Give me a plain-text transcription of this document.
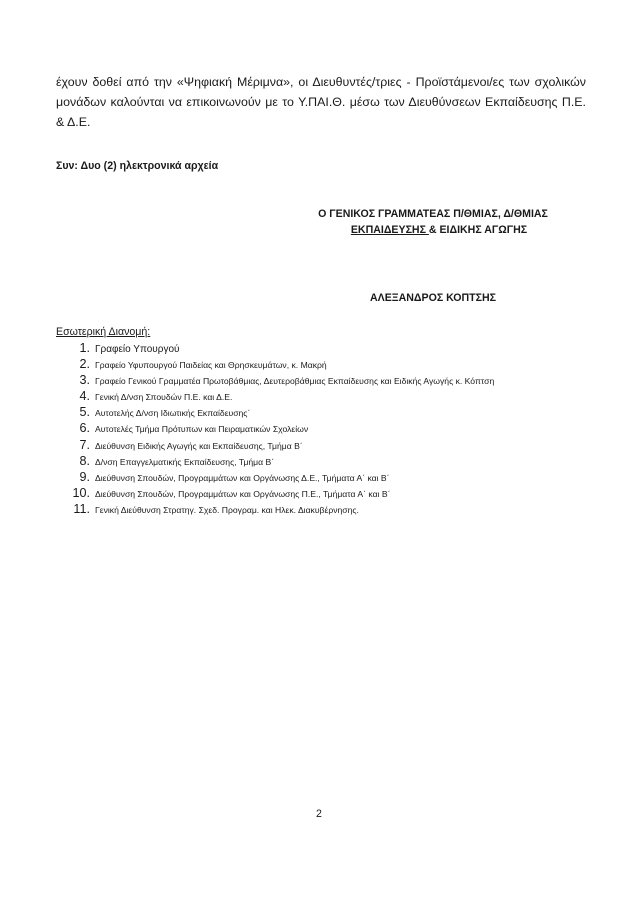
έχουν δοθεί από την «Ψηφιακή Μέριμνα», οι Διευθυντές/τριες - Προϊστάμενοι/ες των σχολικών μονάδων καλούνται να επικοινωνούν με το Υ.ΠΑΙ.Θ. μέσω των Διευθύνσεων Εκπαίδευσης Π.Ε. & Δ.Ε.

Συν: Δυο (2) ηλεκτρονικά αρχεία
Ο ΓΕΝΙΚΟΣ ΓΡΑΜΜΑΤΕΑΣ Π/ΘΜΙΑΣ, Δ/ΘΜΙΑΣ
ΕΚΠΑΙΔΕΥΣΗΣ & ΕΙΔΙΚΗΣ ΑΓΩΓΗΣ
ΑΛΕΞΑΝΔΡΟΣ ΚΟΠΤΣΗΣ
Εσωτερική Διανομή:
1. Γραφείο Υπουργού
2. Γραφείο Υφυπουργού Παιδείας και Θρησκευμάτων, κ. Μακρή
3. Γραφείο Γενικού Γραμματέα Πρωτοβάθμιας, Δευτεροβάθμιας Εκπαίδευσης και Ειδικής Αγωγής κ. Κόπτση
4. Γενική Δ/νση Σπουδών Π.Ε. και Δ.Ε.
5. Αυτοτελής Δ/νση Ιδιωτικής Εκπαίδευσης΄
6. Αυτοτελές Τμήμα Πρότυπων και Πειραματικών Σχολείων
7. Διεύθυνση Ειδικής Αγωγής και Εκπαίδευσης, Τμήμα Β΄
8. Δ/νση Επαγγελματικής Εκπαίδευσης, Τμήμα Β΄
9. Διεύθυνση Σπουδών, Προγραμμάτων και Οργάνωσης Δ.Ε., Τμήματα Α΄ και Β΄
10. Διεύθυνση Σπουδών, Προγραμμάτων και Οργάνωσης Π.Ε., Τμήματα Α΄ και Β΄
11. Γενική Διεύθυνση Στρατηγ. Σχεδ. Προγραμ. και Ηλεκ. Διακυβέρνησης.
2
